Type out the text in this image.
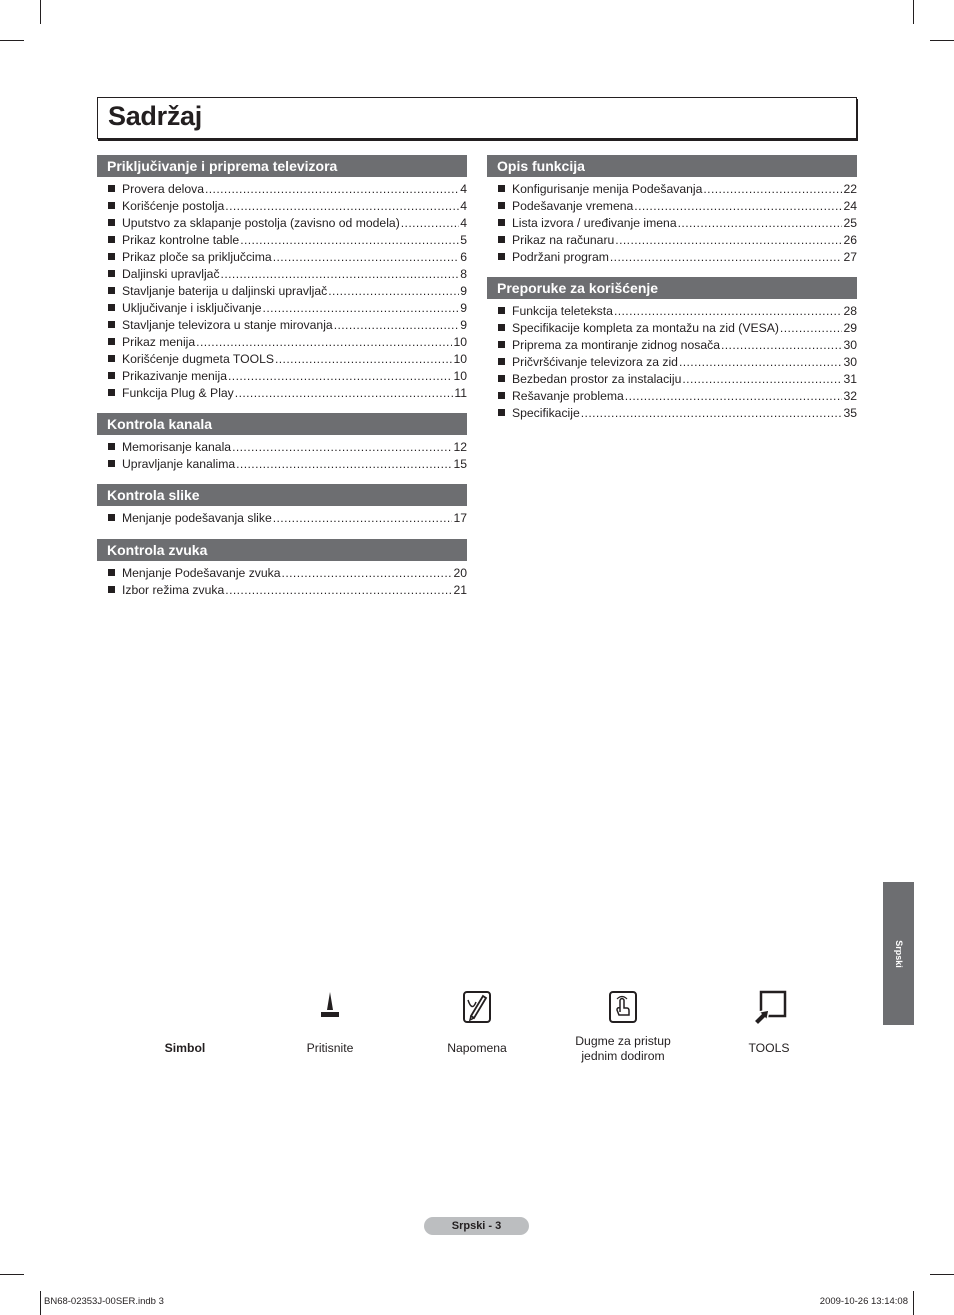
Sadržaj
Priključivanje i priprema televizora
Provera delova .....	4
Korišćenje postolja .....	4
Uputstvo za sklapanje postolja (zavisno od modela) .....	4
Prikaz kontrolne table .....	5
Prikaz ploče sa priključcima .....	6
Daljinski upravljač .....	8
Stavljanje baterija u daljinski upravljač .....	9
Uključivanje i isključivanje .....	9
Stavljanje televizora u stanje mirovanja .....	9
Prikaz menija .....	10
Korišćenje dugmeta TOOLS .....	10
Prikazivanje menija .....	10
Funkcija Plug & Play .....	11
Kontrola kanala
Memorisanje kanala .....	12
Upravljanje kanalima .....	15
Kontrola slike
Menjanje podešavanja slike .....	17
Kontrola zvuka
Menjanje Podešavanje zvuka .....	20
Izbor režima zvuka .....	21
Opis funkcija
Konfigurisanje menija Podešavanja .....	22
Podešavanje vremena .....	24
Lista izvora / uređivanje imena .....	25
Prikaz na računaru .....	26
Podržani program .....	27
Preporuke za korišćenje
Funkcija teleteksta .....	28
Specifikacije kompleta za montažu na zid (VESA) .....	29
Priprema za montiranje zidnog nosača .....	30
Pričvršćivanje televizora za zid .....	30
Bezbedan prostor za instalaciju .....	31
Rešavanje problema .....	32
Specifikacije .....	35
Srpski
Simbol	Pritisnite	Napomena	Dugme za pristup
jednim dodirom
TOOLS
Srpski - 3
BN68-02353J-00SER.indb 3	2009-10-26 13:14:08
